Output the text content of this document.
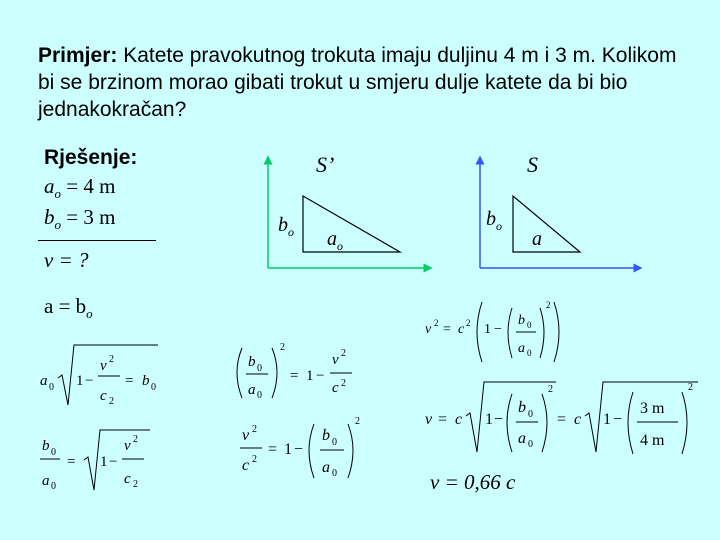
Primjer: Katete pravokutnog trokuta imaju duljinu 4 m i 3 m. Kolikom bi se brzinom morao gibati trokut u smjeru dulje katete da bi bio jednakokračan?
Rješenje:
$a_o = 4$ m
$b_o = 3$ m
v = ?
$a = b_o$
S’	S
$b_o$ $a_o$
$b_o$
a
a 0 1 −
v 2
c 2
= b 0
b 0
a 0
= 1 −
v 2
c 2
b 0
a 0
2
= 1 −
v 2
c 2
v 2
c 2
= 1 −
b 0
a 0
2
v 2 = c 2 1 −
b 0
a 0
2
v = c 1 −
b 0
a 0
2
= c 1 −
3 m
4 m
2
v = 0,66 c
